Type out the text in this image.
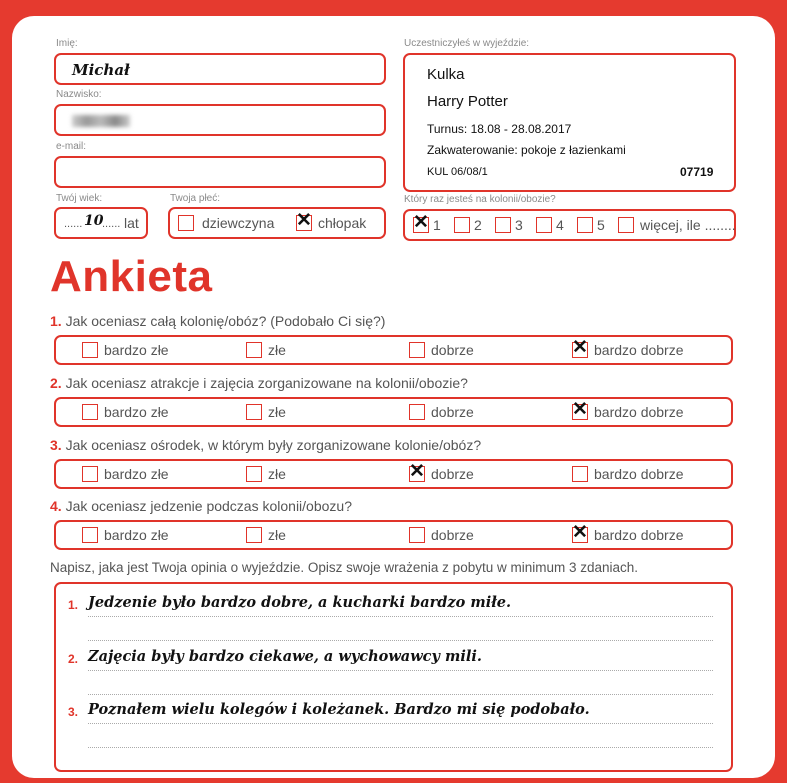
Imię:
Michał
Nazwisko:
e-mail:
Twój wiek:
...... 10
...... lat
Twoja płeć:
dziewczyna ✕ chłopak
Uczestniczyłeś w wyjeździe:
Kulka
Harry Potter
Turnus: 18.08 - 28.08.2017
Zakwaterowanie: pokoje z łazienkami
KUL 06/08/1	07719
Który raz jesteś na kolonii/obozie?
✕ 1 2 3 4 5	więcej, ile ........
Ankieta
1. Jak oceniasz całą kolonię/obóz? (Podobało Ci się?)
bardzo złe	złe	dobrze	✕ bardzo dobrze
2. Jak oceniasz atrakcje i zajęcia zorganizowane na kolonii/obozie?
bardzo złe	złe	dobrze	✕ bardzo dobrze
3. Jak oceniasz ośrodek, w którym były zorganizowane kolonie/obóz?
bardzo złe	złe	✕ dobrze	bardzo dobrze
4. Jak oceniasz jedzenie podczas kolonii/obozu?
bardzo złe	złe	dobrze	✕ bardzo dobrze
Napisz, jaka jest Twoja opinia o wyjeździe. Opisz swoje wrażenia z pobytu w minimum 3 zdaniach.
1. Jedzenie było bardzo dobre, a kucharki bardzo miłe.
2. Zajęcia były bardzo ciekawe, a wychowawcy mili.
3. Poznałem wielu kolegów i koleżanek. Bardzo mi się podobało.
